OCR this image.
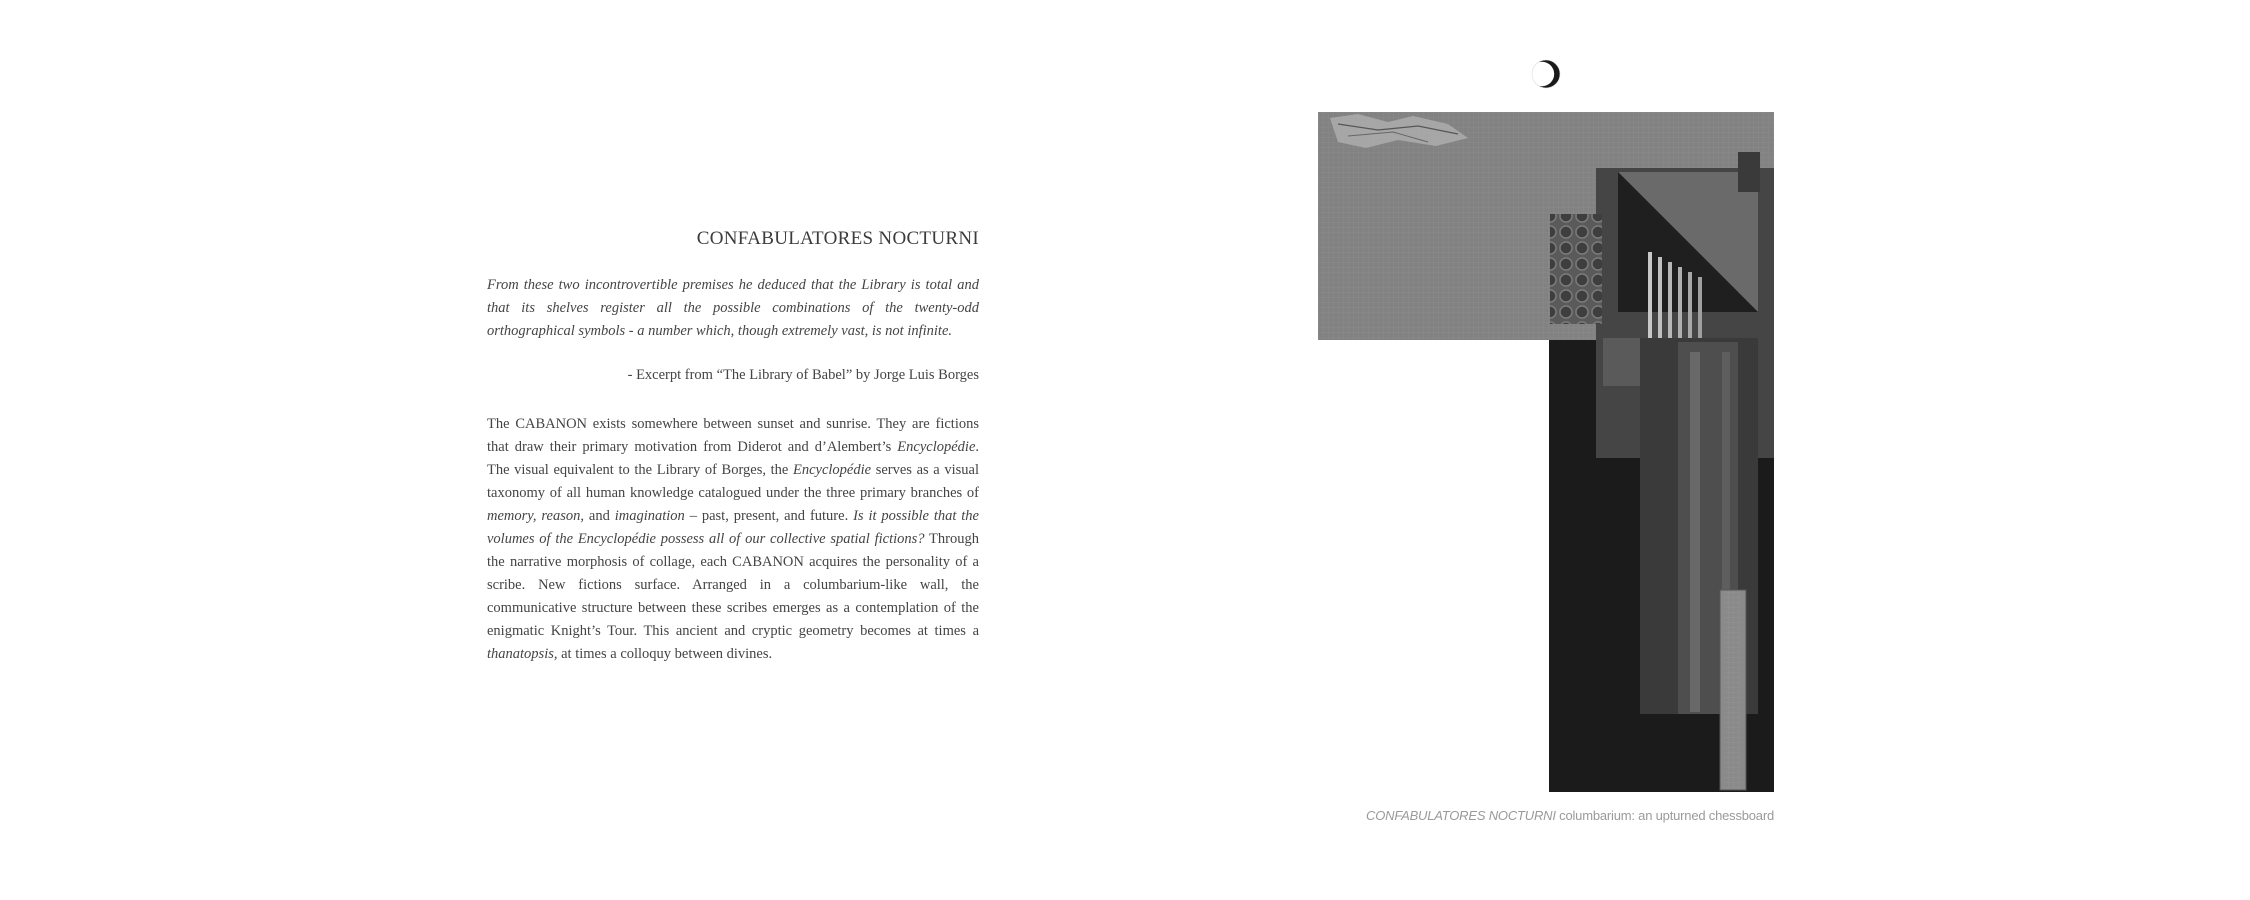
CONFABULATORES NOCTURNI
From these two incontrovertible premises he deduced that the Library is total and that its shelves register all the possible combinations of the twenty-odd orthographical symbols - a number which, though extremely vast, is not infinite.
- Excerpt from “The Library of Babel” by Jorge Luis Borges
The CABANON exists somewhere between sunset and sunrise. They are fictions that draw their primary motivation from Diderot and d’Alembert’s Encyclopédie. The visual equivalent to the Library of Borges, the Encyclopédie serves as a visual taxonomy of all human knowledge catalogued under the three primary branches of memory, reason, and imagination – past, present, and future. Is it possible that the volumes of the Encyclopédie possess all of our collective spatial fictions? Through the narrative morphosis of collage, each CABANON acquires the personality of a scribe. New fictions surface. Arranged in a columbarium-like wall, the communicative structure between these scribes emerges as a contemplation of the enigmatic Knight’s Tour. This ancient and cryptic geometry becomes at times a thanatopsis, at times a colloquy between divines.
CONFABULATORES NOCTURNI columbarium: an upturned chessboard
